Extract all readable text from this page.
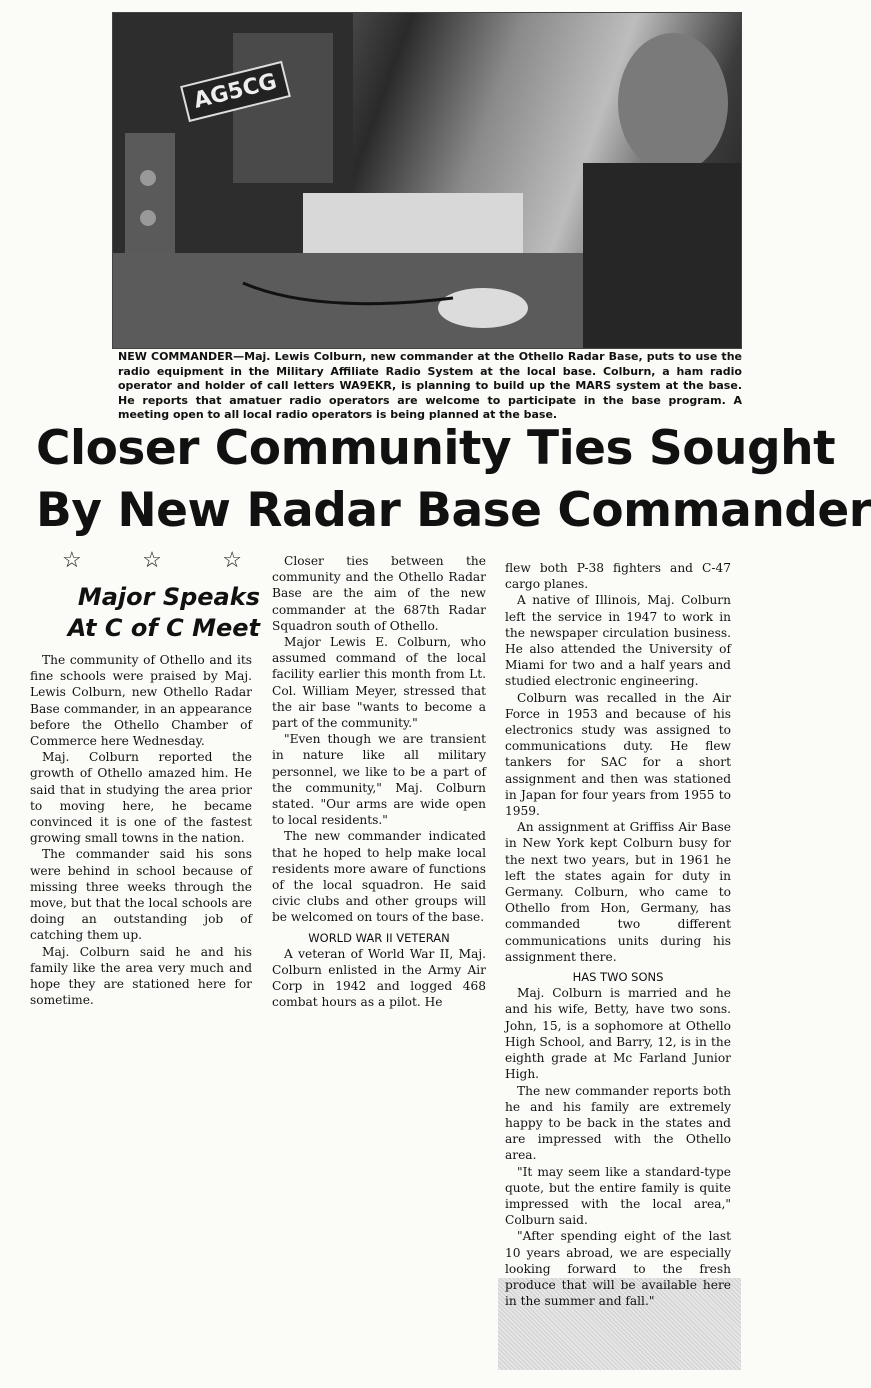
AG5CG
NEW COMMANDER—Maj. Lewis Colburn, new commander at the Othello Radar Base, puts to use the radio equipment in the Military Affiliate Radio System at the local base. Colburn, a ham radio operator and holder of call letters WA9EKR, is planning to build up the MARS system at the base. He reports that amatuer radio operators are welcome to participate in the base program. A meeting open to all local radio operators is being planned at the base.
Closer Community Ties Sought
By New Radar Base Commander
☆	☆	☆
Major Speaks
At C of C Meet

The community of Othello and its fine schools were praised by Maj. Lewis Colburn, new Othello Radar Base commander, in an appearance before the Othello Chamber of Commerce here Wednesday.

Maj. Colburn reported the growth of Othello amazed him. He said that in studying the area prior to moving here, he became convinced it is one of the fastest growing small towns in the nation.

The commander said his sons were behind in school because of missing three weeks through the move, but that the local schools are doing an outstanding job of catching them up.

Maj. Colburn said he and his family like the area very much and hope they are stationed here for sometime.

Closer ties between the community and the Othello Radar Base are the aim of the new commander at the 687th Radar Squadron south of Othello.

Major Lewis E. Colburn, who assumed command of the local facility earlier this month from Lt. Col. William Meyer, stressed that the air base "wants to become a part of the community."

"Even though we are transient in nature like all military personnel, we like to be a part of the community," Maj. Colburn stated. "Our arms are wide open to local residents."

The new commander indicated that he hoped to help make local residents more aware of functions of the local squadron. He said civic clubs and other groups will be welcomed on tours of the base.

WORLD WAR II VETERAN

A veteran of World War II, Maj. Colburn enlisted in the Army Air Corp in 1942 and logged 468 combat hours as a pilot. He

flew both P-38 fighters and C-47 cargo planes.

A native of Illinois, Maj. Colburn left the service in 1947 to work in the newspaper circulation business. He also attended the University of Miami for two and a half years and studied electronic engineering.

Colburn was recalled in the Air Force in 1953 and because of his electronics study was assigned to communications duty. He flew tankers for SAC for a short assignment and then was stationed in Japan for four years from 1955 to 1959.

An assignment at Griffiss Air Base in New York kept Colburn busy for the next two years, but in 1961 he left the states again for duty in Germany. Colburn, who came to Othello from Hon, Germany, has commanded two different communications units during his assignment there.

HAS TWO SONS

Maj. Colburn is married and he and his wife, Betty, have two sons. John, 15, is a sophomore at Othello High School, and Barry, 12, is in the eighth grade at Mc Farland Junior High.

The new commander reports both he and his family are extremely happy to be back in the states and are impressed with the Othello area.

"It may seem like a standard-type quote, but the entire family is quite impressed with the local area," Colburn said.

"After spending eight of the last 10 years abroad, we are especially looking forward to the fresh produce that will be available here in the summer and fall."
